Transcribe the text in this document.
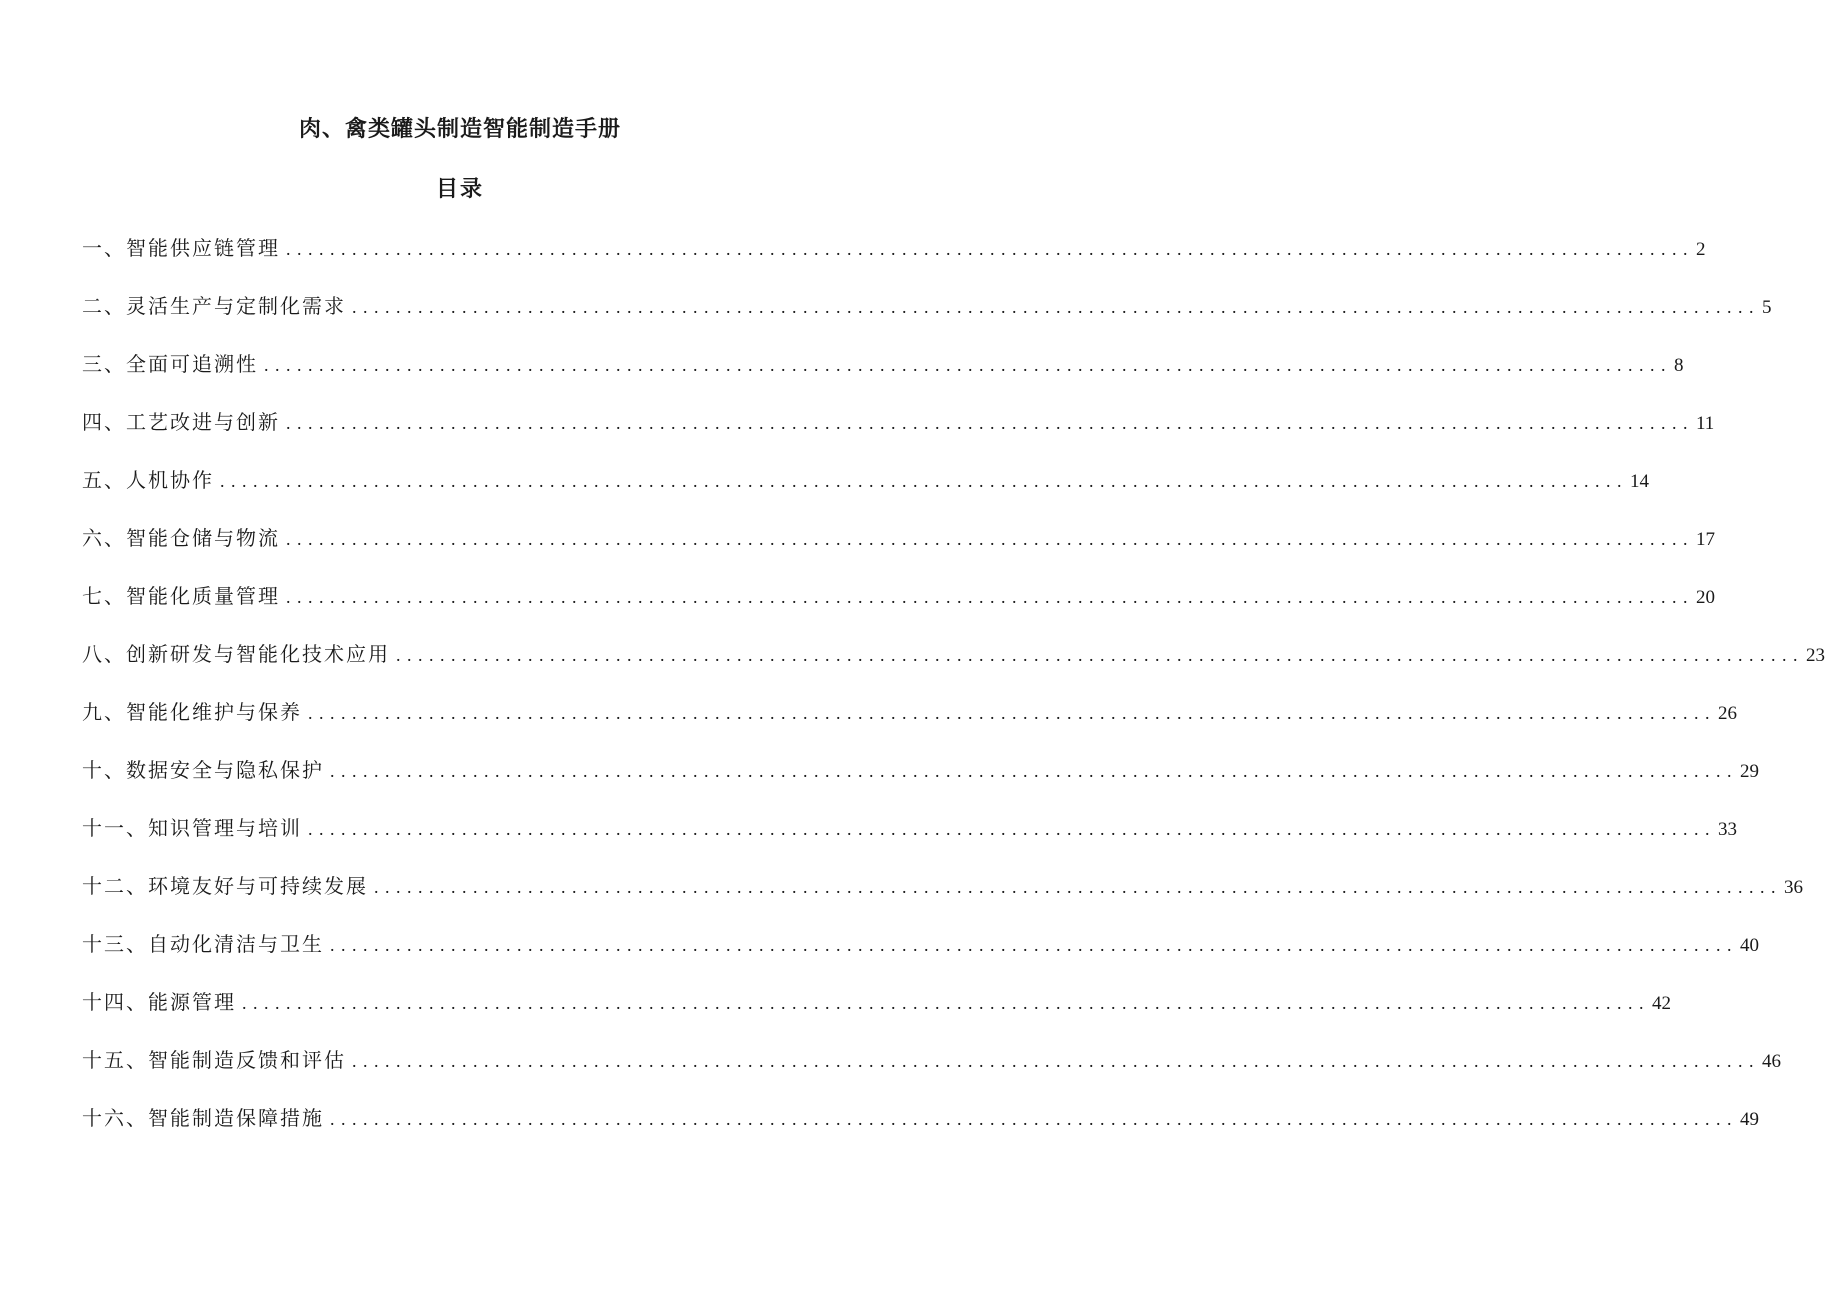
肉、禽类罐头制造智能制造手册
目录
一、智能供应链管理 ................................................................................................................................ 2
二、灵活生产与定制化需求 ................................................................................................................................ 5
三、全面可追溯性 ................................................................................................................................ 8
四、工艺改进与创新 ................................................................................................................................ 11
五、人机协作 ................................................................................................................................ 14
六、智能仓储与物流 ................................................................................................................................ 17
七、智能化质量管理 ................................................................................................................................ 20
八、创新研发与智能化技术应用 ................................................................................................................................ 23
九、智能化维护与保养 ................................................................................................................................ 26
十、数据安全与隐私保护 ................................................................................................................................ 29
十一、知识管理与培训 ................................................................................................................................ 33
十二、环境友好与可持续发展 ................................................................................................................................ 36
十三、自动化清洁与卫生 ................................................................................................................................ 40
十四、能源管理 ................................................................................................................................ 42
十五、智能制造反馈和评估 ................................................................................................................................ 46
十六、智能制造保障措施 ................................................................................................................................ 49
